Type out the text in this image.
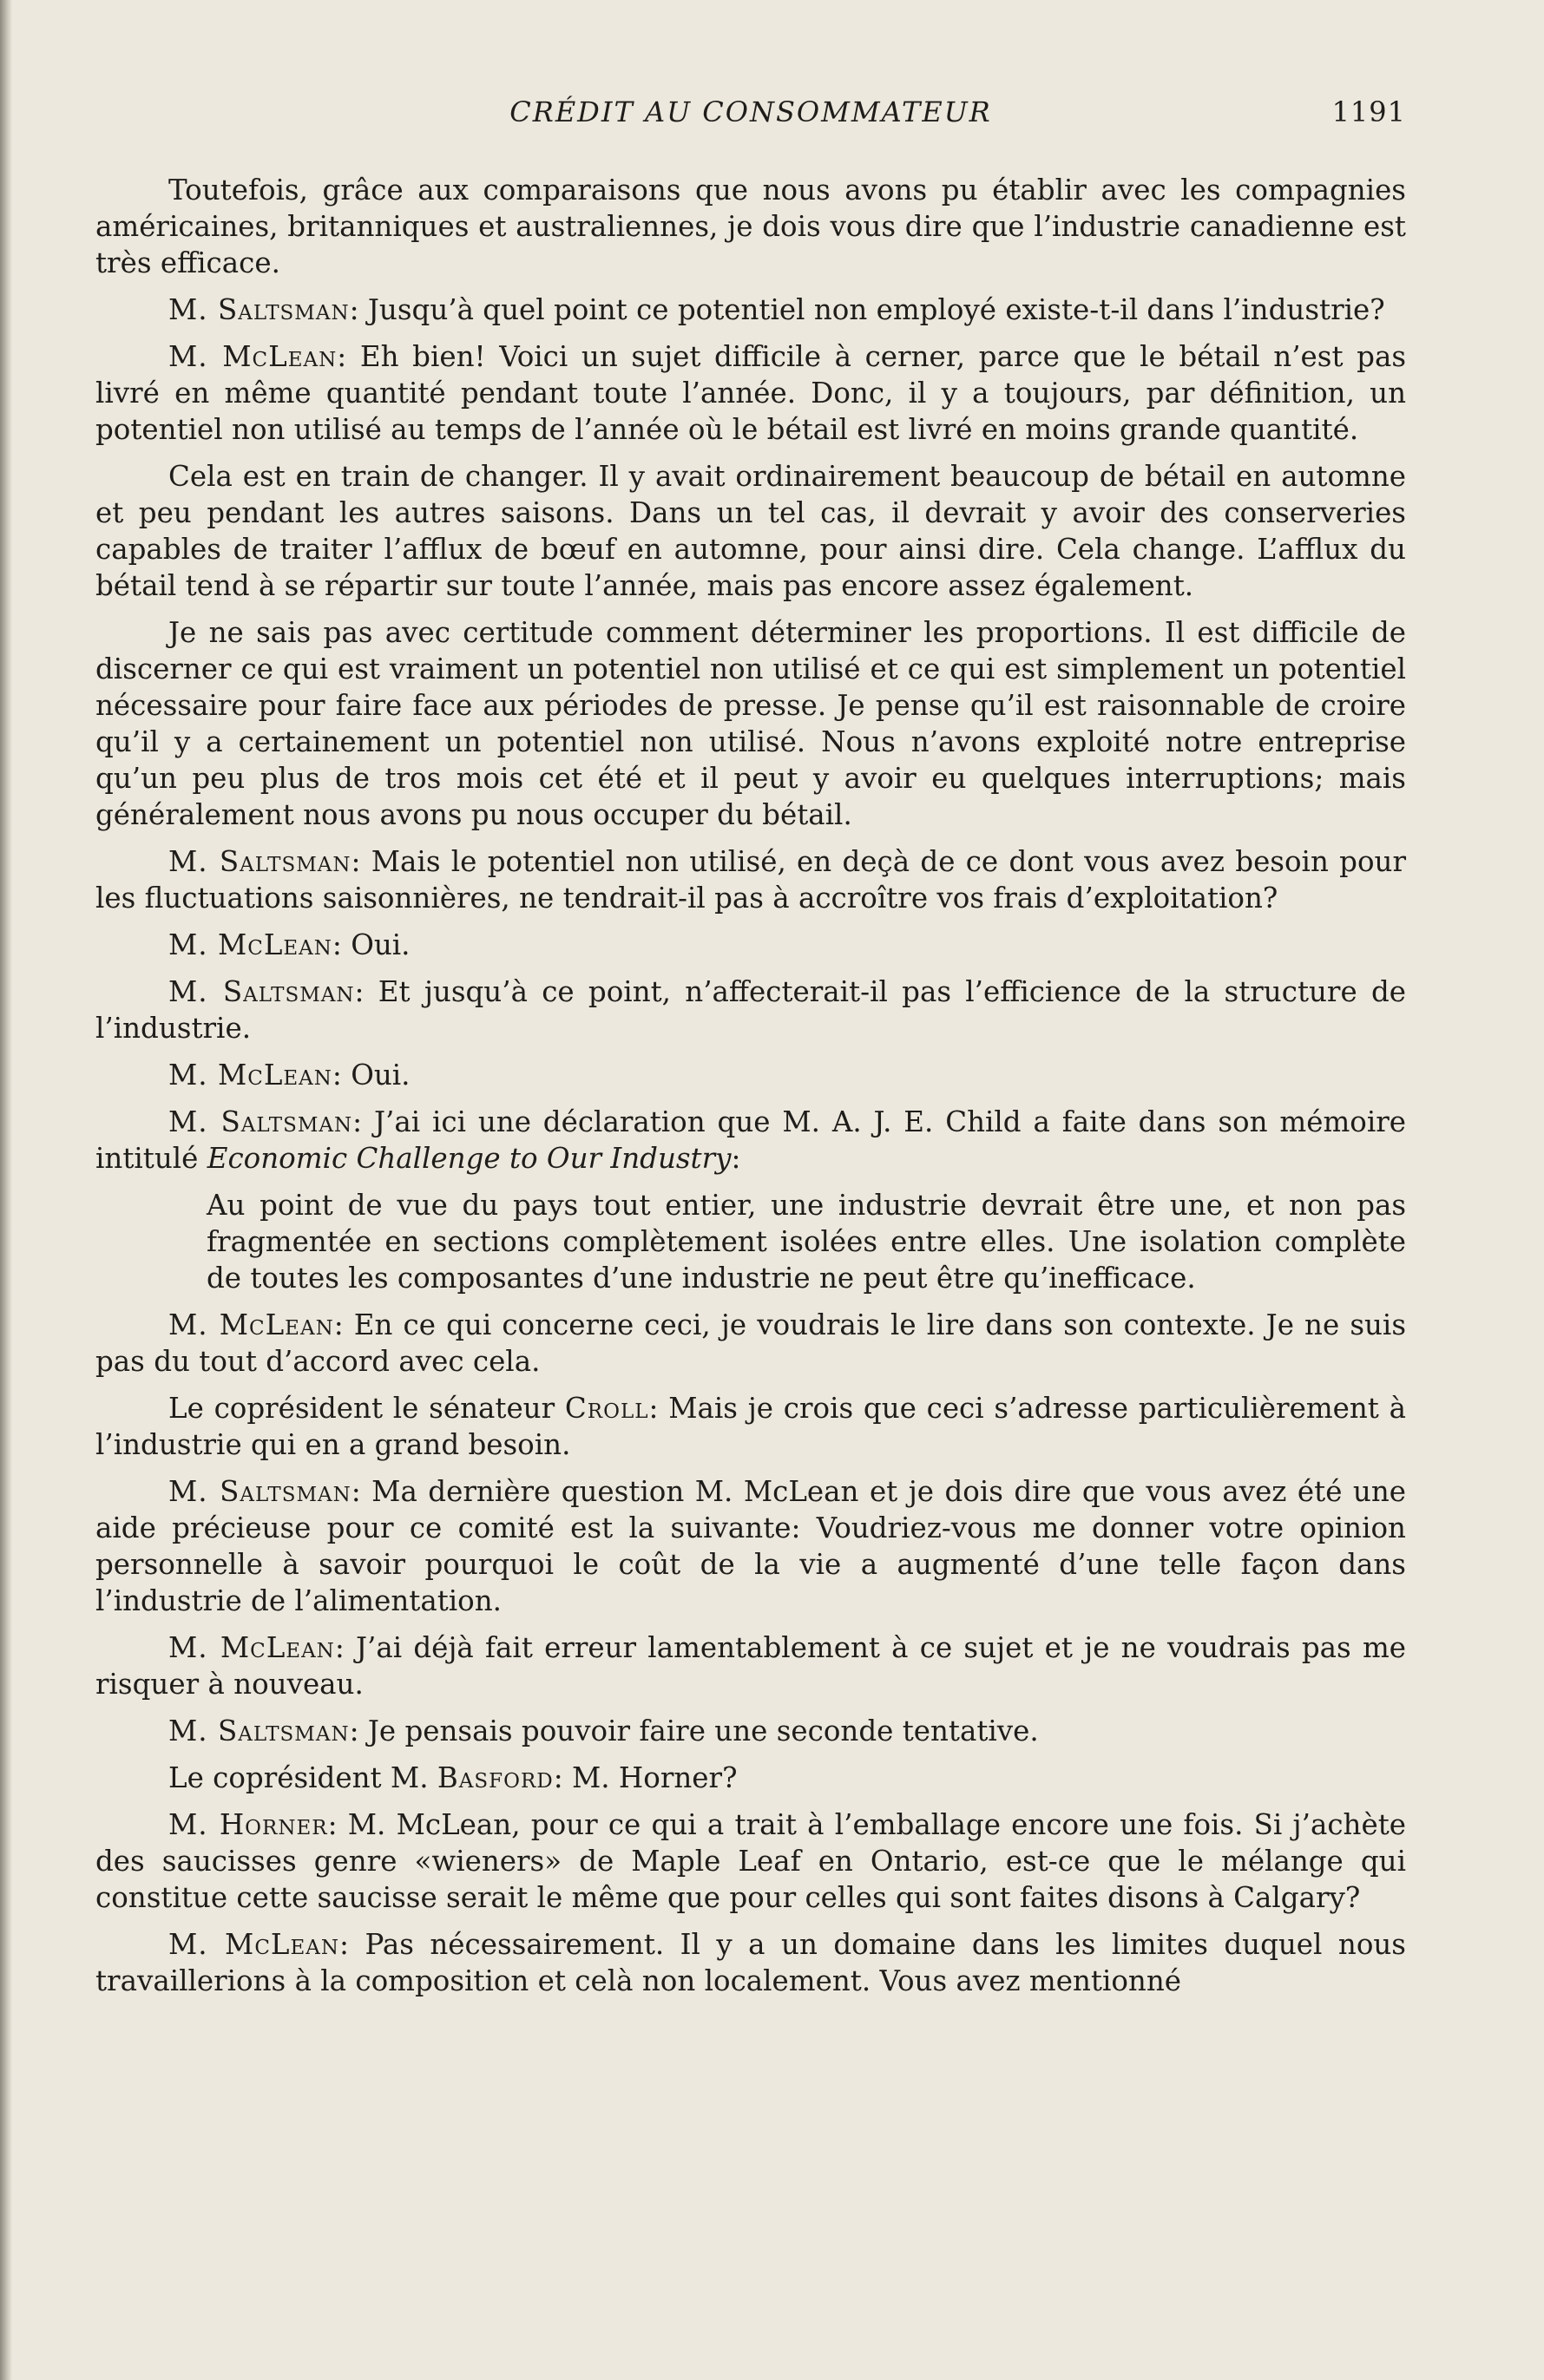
CRÉDIT AU CONSOMMATEUR	1191

Toutefois, grâce aux comparaisons que nous avons pu établir avec les compagnies américaines, britanniques et australiennes, je dois vous dire que l’industrie canadienne est très efficace.

M. Saltsman: Jusqu’à quel point ce potentiel non employé existe-t-il dans l’industrie?

M. McLean: Eh bien! Voici un sujet difficile à cerner, parce que le bétail n’est pas livré en même quantité pendant toute l’année. Donc, il y a toujours, par définition, un potentiel non utilisé au temps de l’année où le bétail est livré en moins grande quantité.

Cela est en train de changer. Il y avait ordinairement beaucoup de bétail en automne et peu pendant les autres saisons. Dans un tel cas, il devrait y avoir des conserveries capables de traiter l’afflux de bœuf en automne, pour ainsi dire. Cela change. L’afflux du bétail tend à se répartir sur toute l’année, mais pas encore assez également.

Je ne sais pas avec certitude comment déterminer les proportions. Il est difficile de discerner ce qui est vraiment un potentiel non utilisé et ce qui est simplement un potentiel nécessaire pour faire face aux périodes de presse. Je pense qu’il est raisonnable de croire qu’il y a certainement un potentiel non utilisé. Nous n’avons exploité notre entreprise qu’un peu plus de tros mois cet été et il peut y avoir eu quelques interruptions; mais généralement nous avons pu nous occuper du bétail.

M. Saltsman: Mais le potentiel non utilisé, en deçà de ce dont vous avez besoin pour les fluctuations saisonnières, ne tendrait-il pas à accroître vos frais d’exploitation?

M. McLean: Oui.

M. Saltsman: Et jusqu’à ce point, n’affecterait-il pas l’efficience de la structure de l’industrie.

M. McLean: Oui.

M. Saltsman: J’ai ici une déclaration que M. A. J. E. Child a faite dans son mémoire intitulé Economic Challenge to Our Industry:

Au point de vue du pays tout entier, une industrie devrait être une, et non pas fragmentée en sections complètement isolées entre elles. Une isolation complète de toutes les composantes d’une industrie ne peut être qu’inefficace.

M. McLean: En ce qui concerne ceci, je voudrais le lire dans son contexte. Je ne suis pas du tout d’accord avec cela.

Le coprésident le sénateur Croll: Mais je crois que ceci s’adresse particulièrement à l’industrie qui en a grand besoin.

M. Saltsman: Ma dernière question M. McLean et je dois dire que vous avez été une aide précieuse pour ce comité est la suivante: Voudriez-vous me donner votre opinion personnelle à savoir pourquoi le coût de la vie a augmenté d’une telle façon dans l’industrie de l’alimentation.

M. McLean: J’ai déjà fait erreur lamentablement à ce sujet et je ne voudrais pas me risquer à nouveau.

M. Saltsman: Je pensais pouvoir faire une seconde tentative.

Le coprésident M. Basford: M. Horner?

M. Horner: M. McLean, pour ce qui a trait à l’emballage encore une fois. Si j’achète des saucisses genre «wieners» de Maple Leaf en Ontario, est-ce que le mélange qui constitue cette saucisse serait le même que pour celles qui sont faites disons à Calgary?

M. McLean: Pas nécessairement. Il y a un domaine dans les limites duquel nous travaillerions à la composition et celà non localement. Vous avez mentionné
